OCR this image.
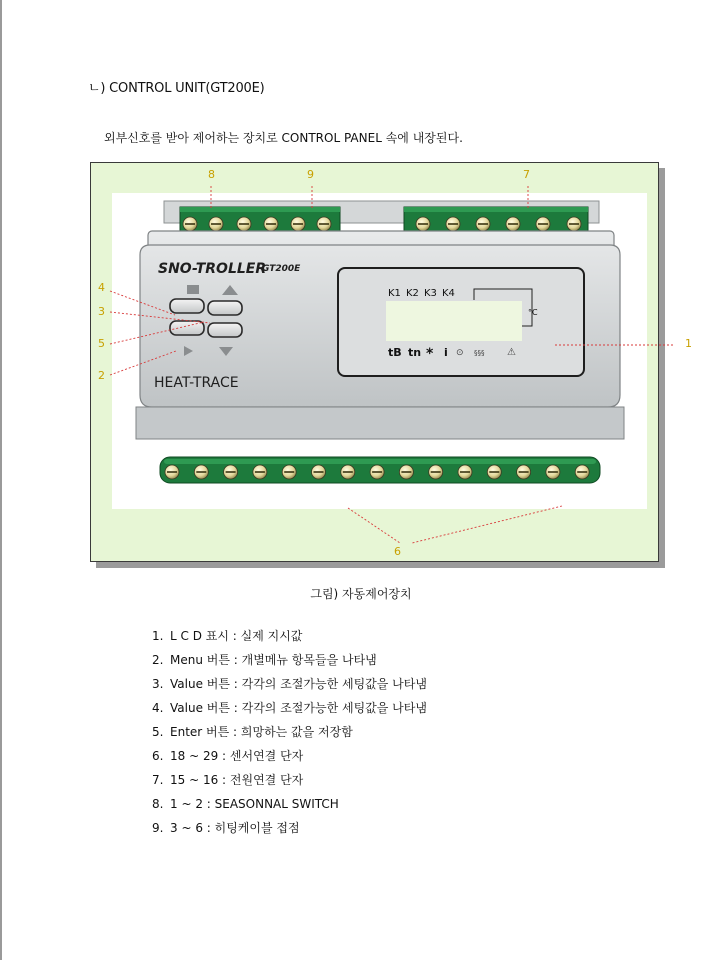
ㄴ) CONTROL UNIT(GT200E)
외부신호를 받아 제어하는 장치로 CONTROL PANEL 속에 내장된다.
SNO-TROLLER
GT200E
HEAT-TRACE
K1 K2 K3 K4
°C
tB tn * i ⊙ §§§ ⚠
1
2
3
4
5
6
7
8	9
그림) 자동제어장치
1. L C D 표시 : 실제 지시값
2. Menu 버튼 : 개별메뉴 항목들을 나타냄
3. Value 버튼 : 각각의 조절가능한 세팅값을 나타냄
4. Value 버튼 : 각각의 조절가능한 세팅값을 나타냄
5. Enter 버튼 : 희망하는 값을 저장함
6. 18 ~ 29 : 센서연결 단자
7. 15 ~ 16 : 전원연결 단자
8. 1 ~ 2 : SEASONNAL SWITCH
9. 3 ~ 6 : 히팅케이블 접점
